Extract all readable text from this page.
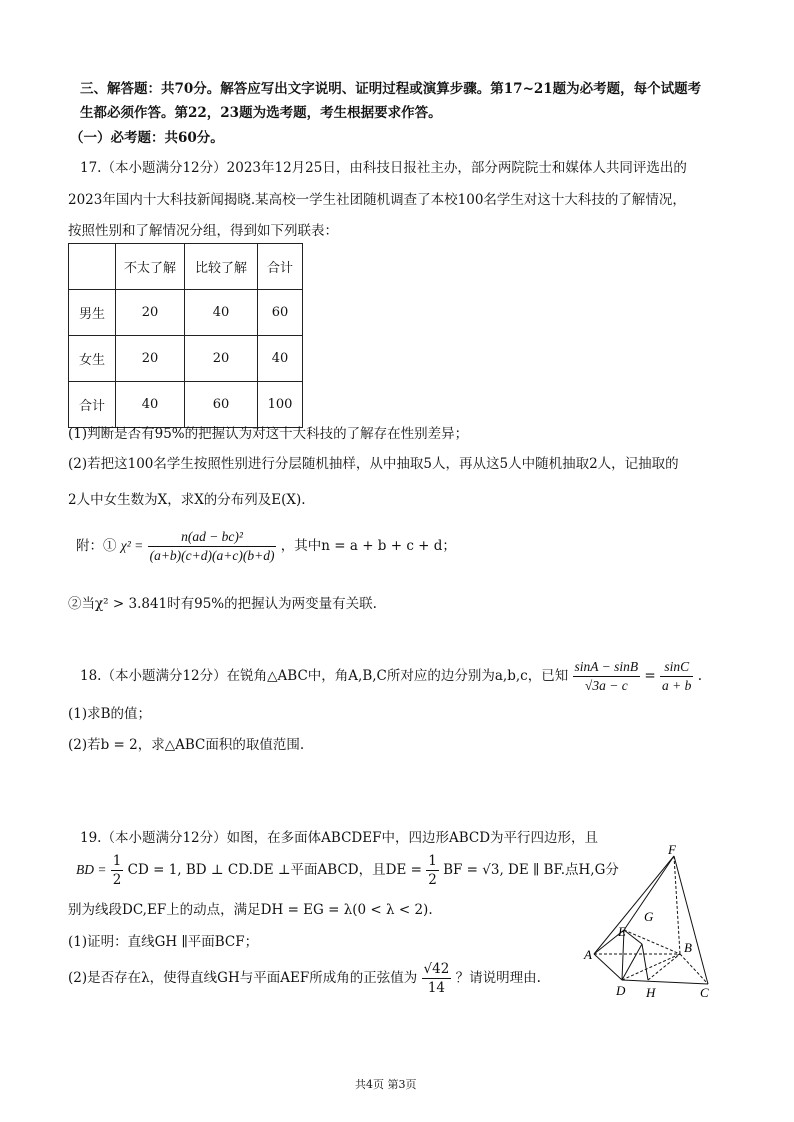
三、解答题：共70分。解答应写出文字说明、证明过程或演算步骤。第17~21题为必考题，每个试题考
生都必须作答。第22，23题为选考题，考生根据要求作答。
（一）必考题：共60分。
17.（本小题满分12分）2023年12月25日，由科技日报社主办，部分两院院士和媒体人共同评选出的
2023年国内十大科技新闻揭晓.某高校一学生社团随机调查了本校100名学生对这十大科技的了解情况，
按照性别和了解情况分组，得到如下列联表：
	不太了解	比较了解	合计
男生	20	40	60
女生	20	20	40
合计	40	60	100
(1)判断是否有95%的把握认为对这十大科技的了解存在性别差异；
(2)若把这100名学生按照性别进行分层随机抽样，从中抽取5人，再从这5人中随机抽取2人，记抽取的
2人中女生数为X，求X的分布列及E(X).
附：① $\chi^2 = \frac{\text{n(ad − bc)²}}{(a+b)(c+d)(a+c)(b+d)}$ ，其中n = a + b + c + d；
②当χ² > 3.841时有95%的把握认为两变量有关联.
18.（本小题满分12分）在锐角△ABC中，角A,B,C所对应的边分别为a,b,c，已知 $\frac{\sin A - \sin B}{√3a - c} = \frac{\sin C}{a + b}$ .
(1)求B的值；
(2)若b = 2，求△ABC面积的取值范围.
19.（本小题满分12分）如图，在多面体ABCDEF中，四边形ABCD为平行四边形，且
BD = $\frac{1}{2}$ CD = 1, BD ⊥ CD.DE ⊥平面ABCD，且DE = $\frac{1}{2}$ BF = √3, DE ∥ BF.点H,G分
别为线段DC,EF上的动点，满足DH = EG = λ(0 < λ < 2).
(1)证明：直线GH ∥平面BCF；
(2)是否存在λ，使得直线GH与平面AEF所成角的正弦值为 $\frac{√42}{14}$ ？请说明理由.
F
G
E
A	B
D H	C
共4页 第3页
